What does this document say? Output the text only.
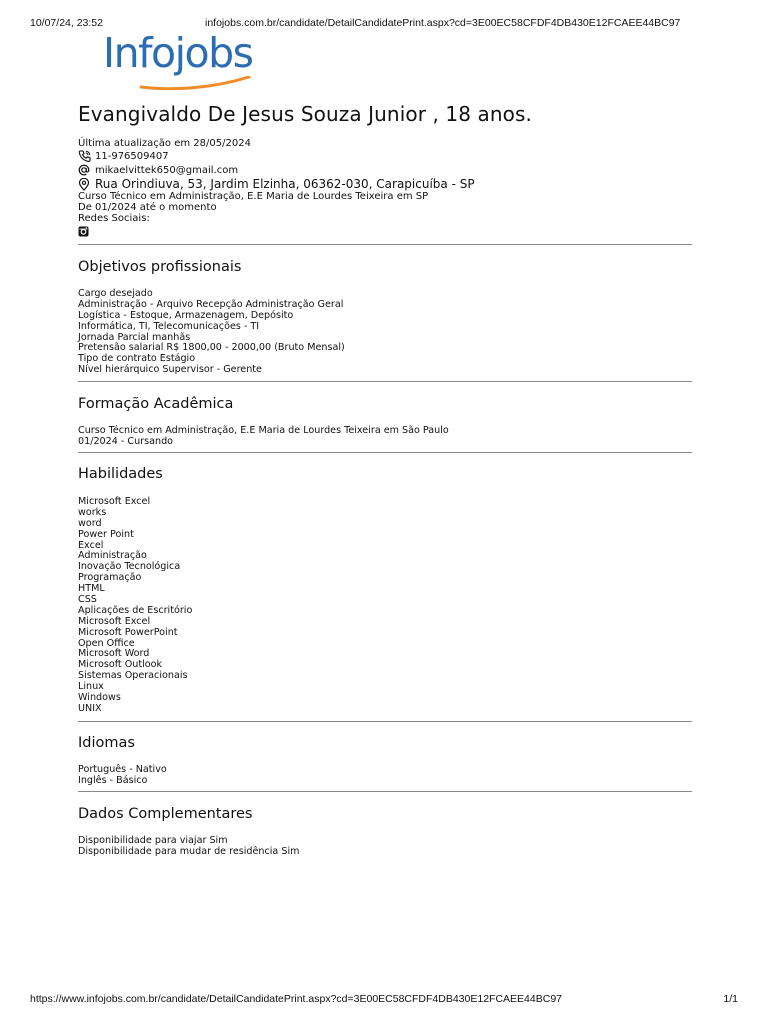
10/07/24, 23:52	infojobs.com.br/candidate/DetailCandidatePrint.aspx?cd=3E00EC58CFDF4DB430E12FCAEE44BC97
Infojobs
Evangivaldo De Jesus Souza Junior , 18 anos.
Última atualização em 28/05/2024
11-976509407
mikaelvittek650@gmail.com
Rua Orindiuva, 53, Jardim Elzinha, 06362-030, Carapicuíba - SP
Curso Técnico em Administração, E.E Maria de Lourdes Teixeira em SP
De 01/2024 até o momento
Redes Sociais:
Objetivos profissionais
Cargo desejado
Administração - Arquivo Recepção Administração Geral
Logística - Estoque, Armazenagem, Depósito
Informática, TI, Telecomunicações - TI
Jornada Parcial manhãs
Pretensão salarial R$ 1800,00 - 2000,00 (Bruto Mensal)
Tipo de contrato Estágio
Nível hierárquico Supervisor - Gerente
Formação Acadêmica
Curso Técnico em Administração, E.E Maria de Lourdes Teixeira em São Paulo
01/2024 - Cursando
Habilidades
Microsoft Excel
works
word
Power Point
Excel
Administração
Inovação Tecnológica
Programação
HTML
CSS
Aplicações de Escritório
Microsoft Excel
Microsoft PowerPoint
Open Office
Microsoft Word
Microsoft Outlook
Sistemas Operacionais
Linux
Windows
UNIX
Idiomas
Português - Nativo
Inglês - Básico
Dados Complementares
Disponibilidade para viajar Sim
Disponibilidade para mudar de residência Sim
https://www.infojobs.com.br/candidate/DetailCandidatePrint.aspx?cd=3E00EC58CFDF4DB430E12FCAEE44BC97	1/1
